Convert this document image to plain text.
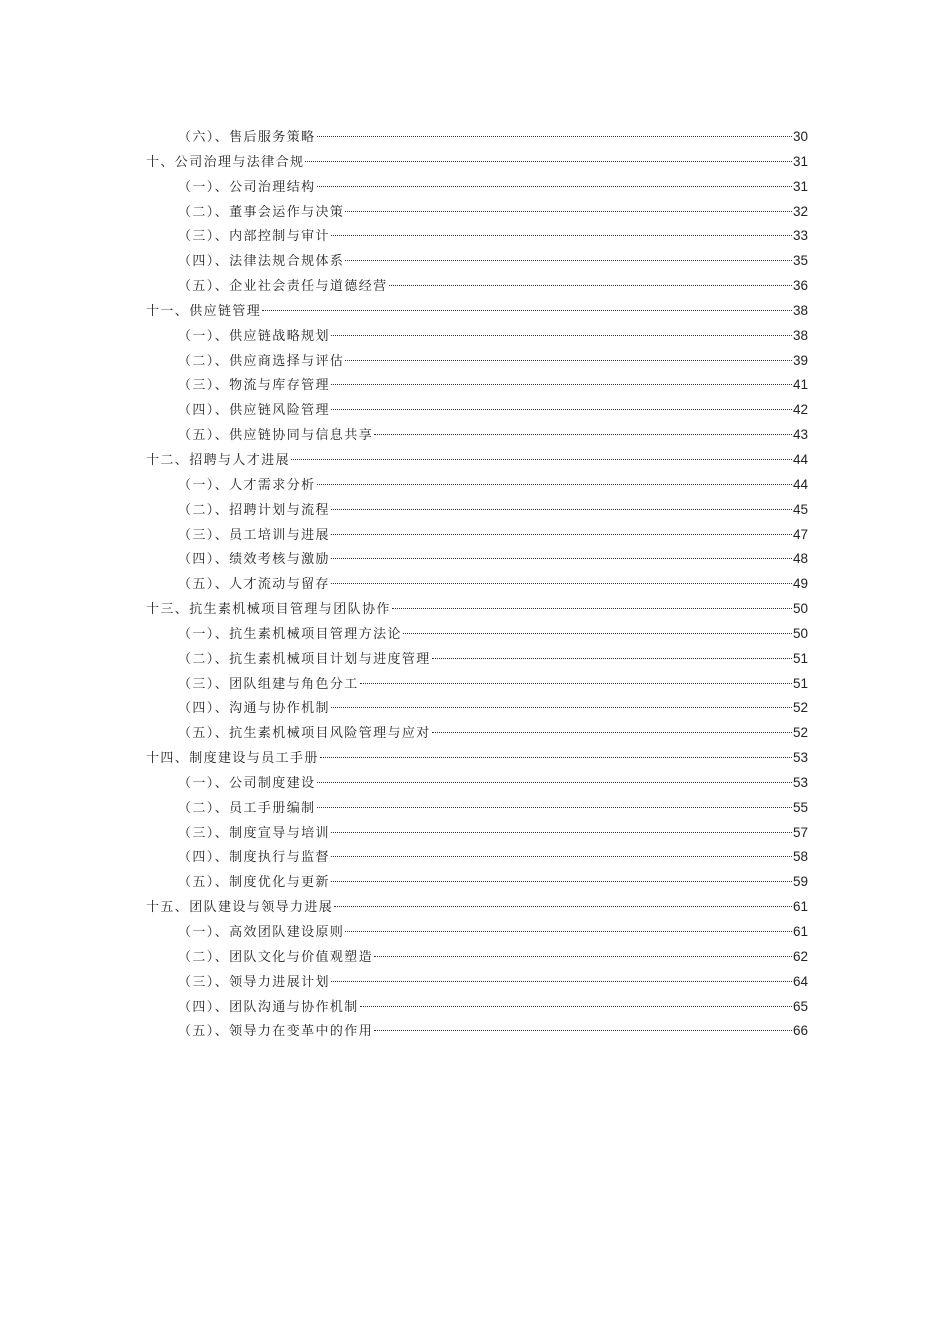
（六）、售后服务策略	30
十、公司治理与法律合规	31
（一）、公司治理结构	31
（二）、董事会运作与决策	32
（三）、内部控制与审计	33
（四）、法律法规合规体系	35
（五）、企业社会责任与道德经营	36
十一、供应链管理	38
（一）、供应链战略规划	38
（二）、供应商选择与评估	39
（三）、物流与库存管理	41
（四）、供应链风险管理	42
（五）、供应链协同与信息共享	43
十二、招聘与人才进展	44
（一）、人才需求分析	44
（二）、招聘计划与流程	45
（三）、员工培训与进展	47
（四）、绩效考核与激励	48
（五）、人才流动与留存	49
十三、抗生素机械项目管理与团队协作	50
（一）、抗生素机械项目管理方法论	50
（二）、抗生素机械项目计划与进度管理	51
（三）、团队组建与角色分工	51
（四）、沟通与协作机制	52
（五）、抗生素机械项目风险管理与应对	52
十四、制度建设与员工手册	53
（一）、公司制度建设	53
（二）、员工手册编制	55
（三）、制度宣导与培训	57
（四）、制度执行与监督	58
（五）、制度优化与更新	59
十五、团队建设与领导力进展	61
（一）、高效团队建设原则	61
（二）、团队文化与价值观塑造	62
（三）、领导力进展计划	64
（四）、团队沟通与协作机制	65
（五）、领导力在变革中的作用	66
